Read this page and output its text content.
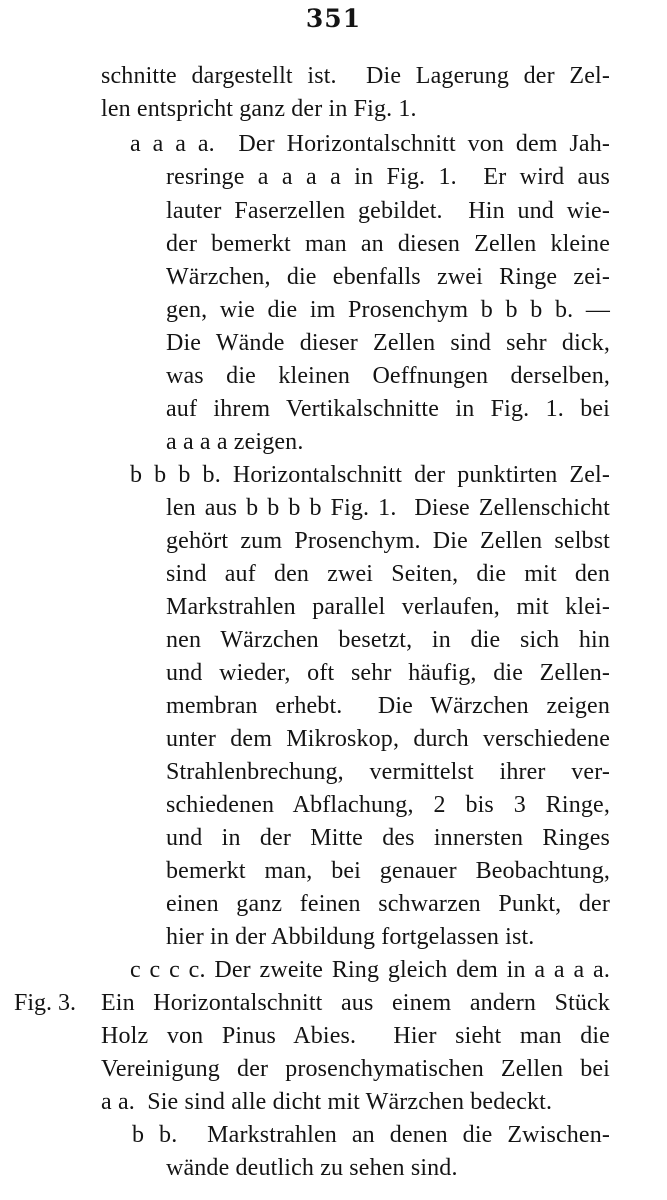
351
schnitte dargestellt ist.  Die Lagerung der Zel-
len entspricht ganz der in Fig. 1.
a a a a.  Der Horizontalschnitt von dem Jah-
resringe a a a a in Fig. 1.  Er wird aus
lauter Faserzellen gebildet.  Hin und wie-
der bemerkt man an diesen Zellen kleine
Wärzchen, die ebenfalls zwei Ringe zei-
gen, wie die im Prosenchym b b b b. —
Die Wände dieser Zellen sind sehr dick,
was die kleinen Oeffnungen derselben,
auf ihrem Vertikalschnitte in Fig. 1. bei
a a a a zeigen.
b b b b. Horizontalschnitt der punktirten Zel-
len aus b b b b Fig. 1.  Diese Zellenschicht
gehört zum Prosenchym. Die Zellen selbst
sind auf den zwei Seiten, die mit den
Markstrahlen parallel verlaufen, mit klei-
nen Wärzchen besetzt, in die sich hin
und wieder, oft sehr häufig, die Zellen-
membran erhebt.  Die Wärzchen zeigen
unter dem Mikroskop, durch verschiedene
Strahlenbrechung, vermittelst ihrer ver-
schiedenen Abflachung, 2 bis 3 Ringe,
und in der Mitte des innersten Ringes
bemerkt man, bei genauer Beobachtung,
einen ganz feinen schwarzen Punkt, der
hier in der Abbildung fortgelassen ist.
c c c c. Der zweite Ring gleich dem in a a a a.
Fig. 3. Ein Horizontalschnitt aus einem andern Stück
Holz von Pinus Abies.  Hier sieht man die
Vereinigung der prosenchymatischen Zellen bei
a a.  Sie sind alle dicht mit Wärzchen bedeckt.
b b.  Markstrahlen an denen die Zwischen-
wände deutlich zu sehen sind.
